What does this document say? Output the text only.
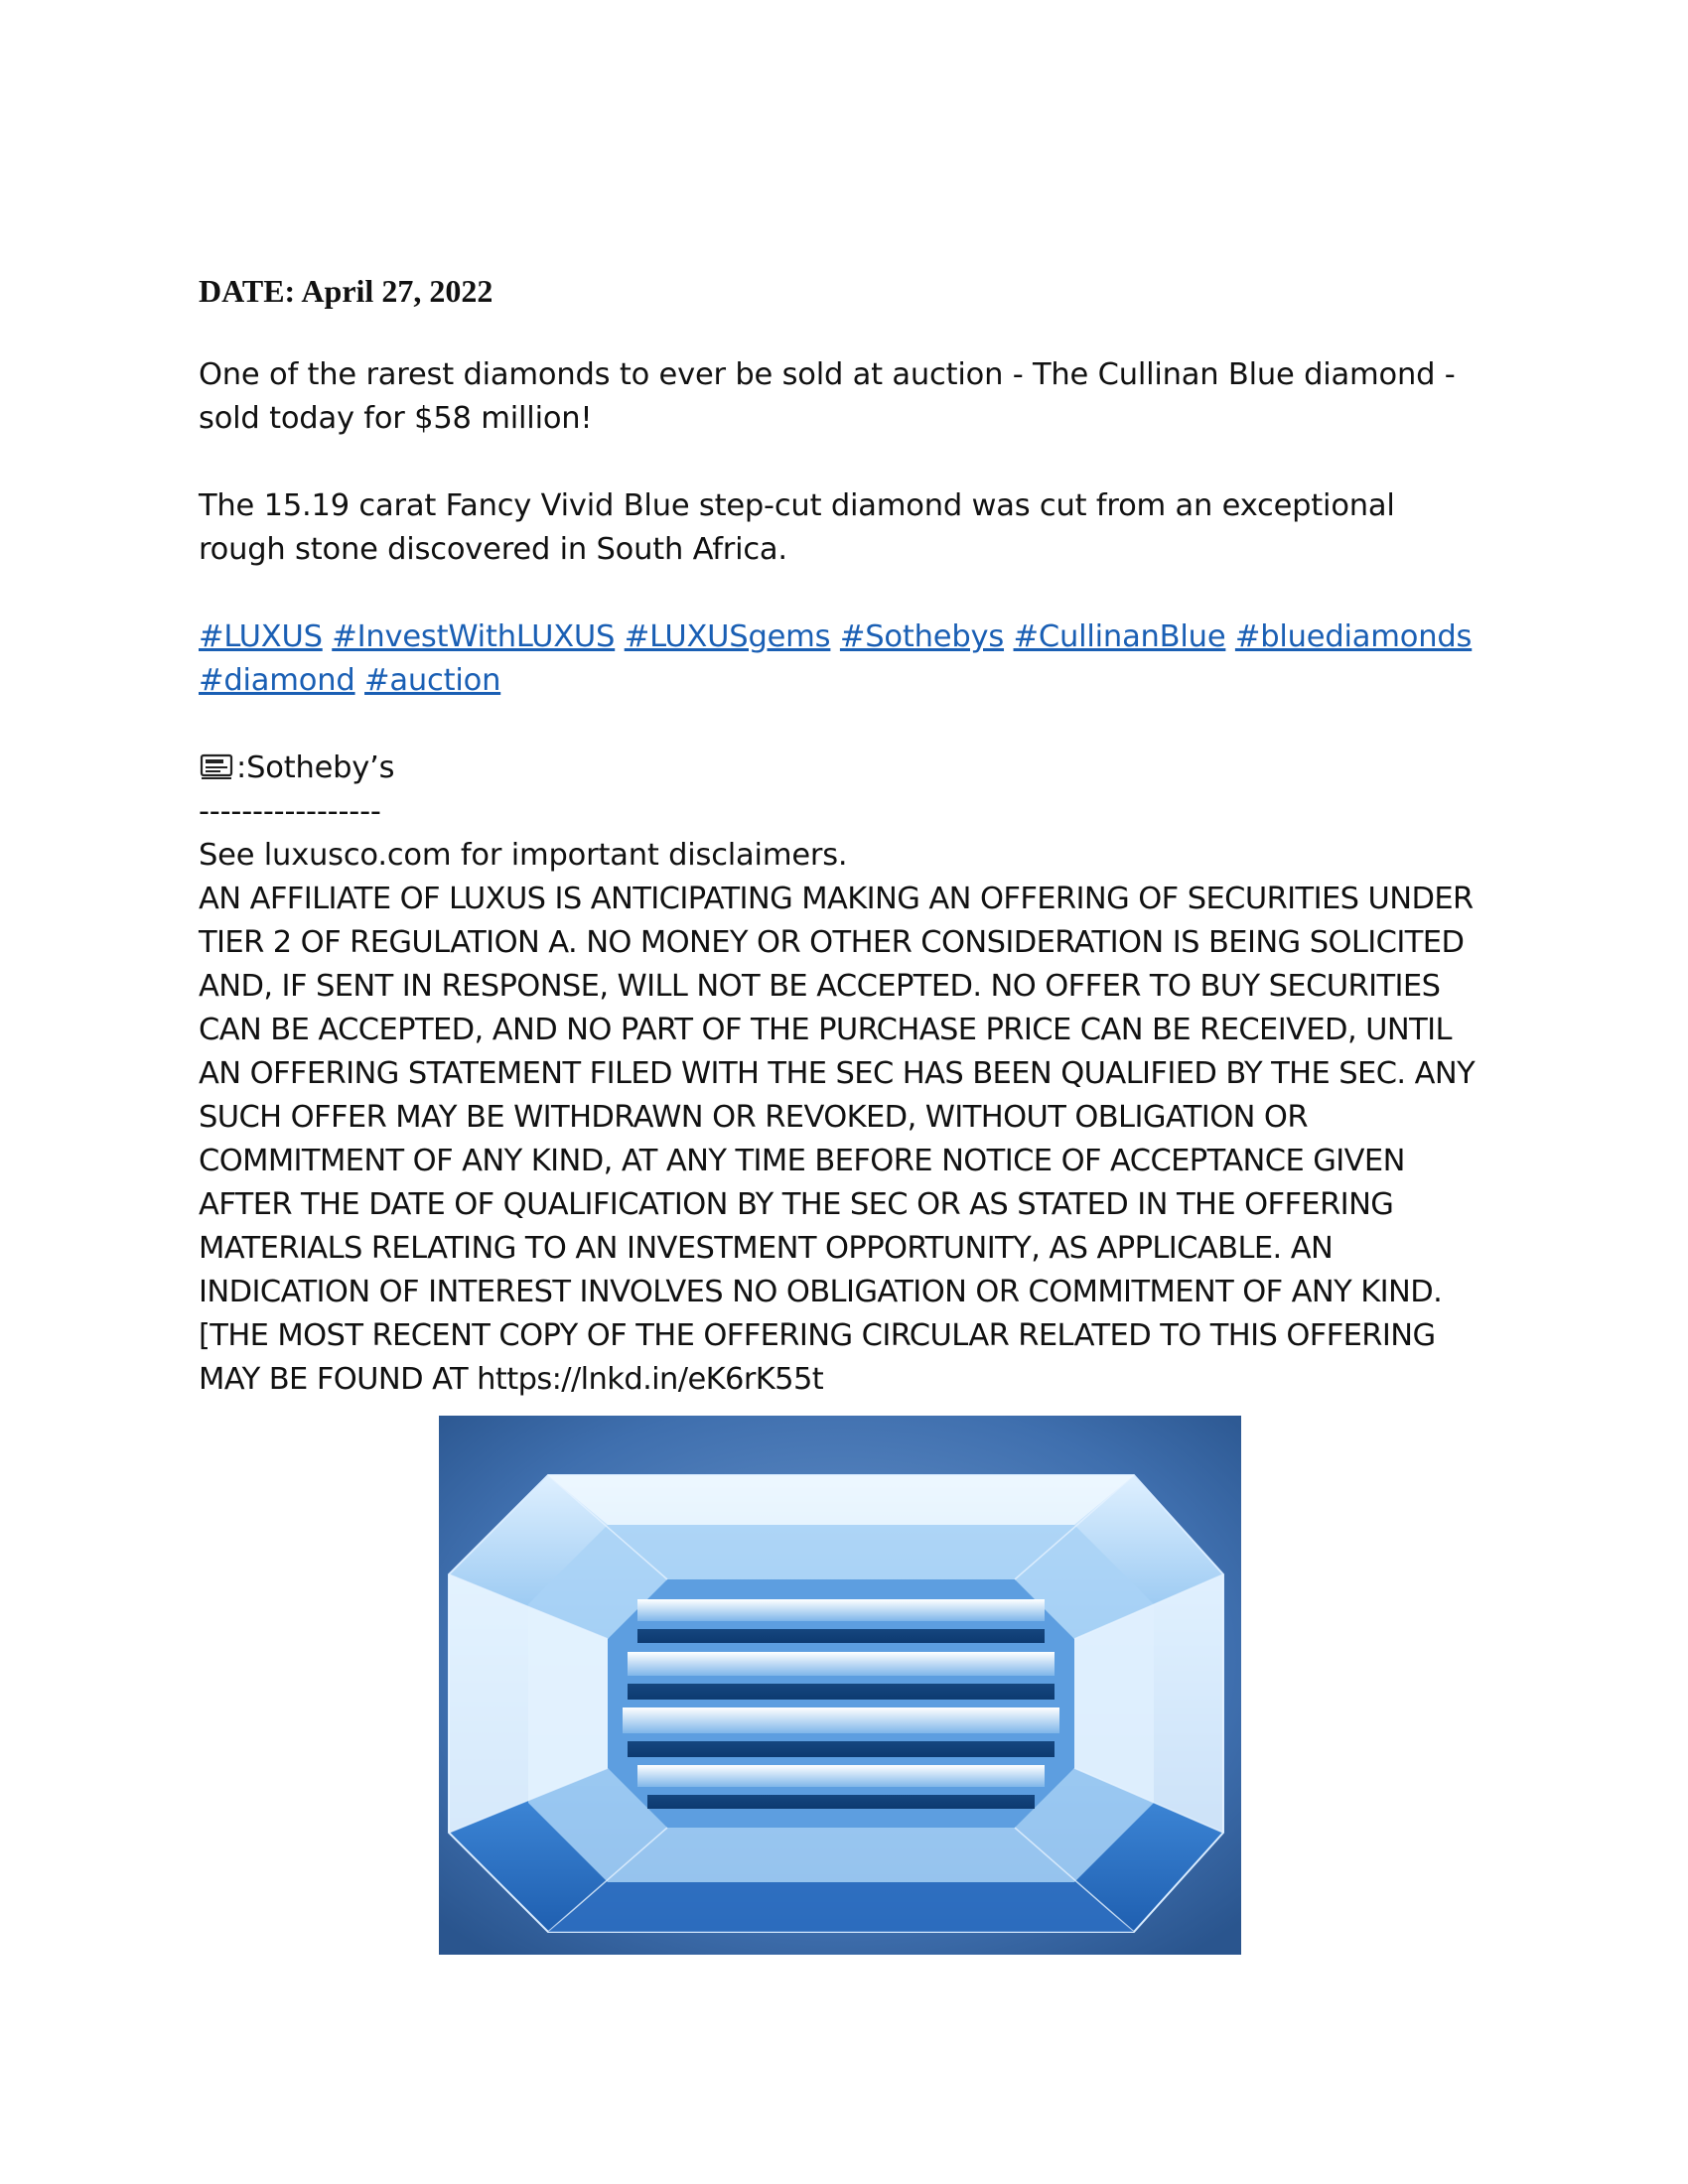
DATE: April 27, 2022
One of the rarest diamonds to ever be sold at auction - The Cullinan Blue diamond - sold today for $58 million!
The 15.19 carat Fancy Vivid Blue step-cut diamond was cut from an exceptional rough stone discovered in South Africa.
#LUXUS #InvestWithLUXUS #LUXUSgems #Sothebys #CullinanBlue #bluediamonds #diamond #auction
:Sotheby’s
-----------------
See luxusco.com for important disclaimers.
AN AFFILIATE OF LUXUS IS ANTICIPATING MAKING AN OFFERING OF SECURITIES UNDER TIER 2 OF REGULATION A. NO MONEY OR OTHER CONSIDERATION IS BEING SOLICITED AND, IF SENT IN RESPONSE, WILL NOT BE ACCEPTED. NO OFFER TO BUY SECURITIES CAN BE ACCEPTED, AND NO PART OF THE PURCHASE PRICE CAN BE RECEIVED, UNTIL AN OFFERING STATEMENT FILED WITH THE SEC HAS BEEN QUALIFIED BY THE SEC. ANY SUCH OFFER MAY BE WITHDRAWN OR REVOKED, WITHOUT OBLIGATION OR COMMITMENT OF ANY KIND, AT ANY TIME BEFORE NOTICE OF ACCEPTANCE GIVEN AFTER THE DATE OF QUALIFICATION BY THE SEC OR AS STATED IN THE OFFERING MATERIALS RELATING TO AN INVESTMENT OPPORTUNITY, AS APPLICABLE. AN INDICATION OF INTEREST INVOLVES NO OBLIGATION OR COMMITMENT OF ANY KIND.[THE MOST RECENT COPY OF THE OFFERING CIRCULAR RELATED TO THIS OFFERING MAY BE FOUND AT https://lnkd.in/eK6rK55t
